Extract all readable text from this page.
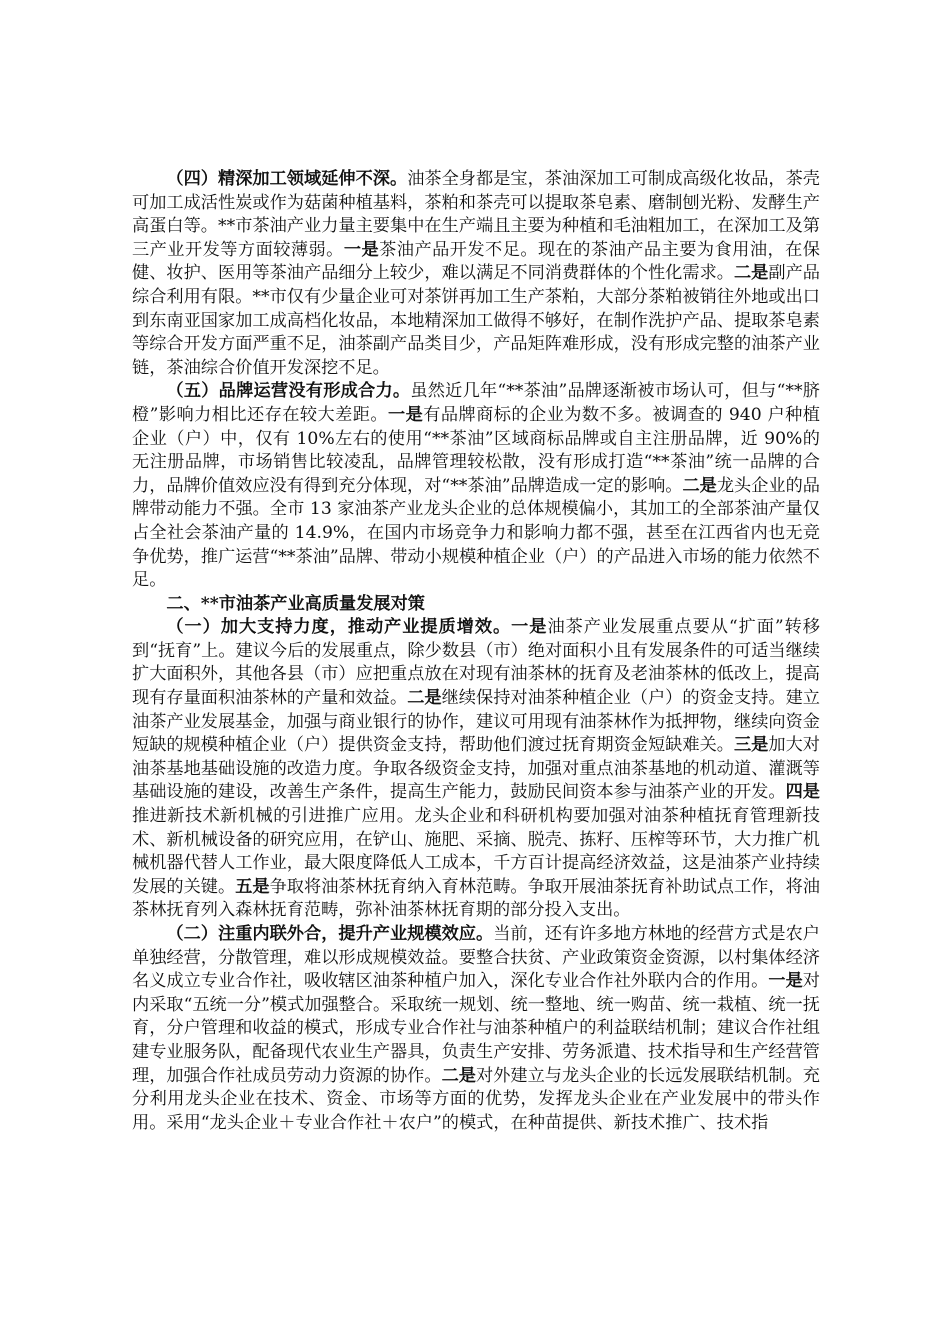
（四）精深加工领域延伸不深。油茶全身都是宝，茶油深加工可制成高级化妆品，茶壳可加工成活性炭或作为菇菌种植基料，茶粕和茶壳可以提取茶皂素、磨制刨光粉、发酵生产高蛋白等。**市茶油产业力量主要集中在生产端且主要为种植和毛油粗加工，在深加工及第三产业开发等方面较薄弱。一是茶油产品开发不足。现在的茶油产品主要为食用油，在保健、妆护、医用等茶油产品细分上较少，难以满足不同消费群体的个性化需求。二是副产品综合利用有限。**市仅有少量企业可对茶饼再加工生产茶粕，大部分茶粕被销往外地或出口到东南亚国家加工成高档化妆品，本地精深加工做得不够好，在制作洗护产品、提取茶皂素等综合开发方面严重不足，油茶副产品类目少，产品矩阵难形成，没有形成完整的油茶产业链，茶油综合价值开发深挖不足。

（五）品牌运营没有形成合力。虽然近几年“**茶油”品牌逐渐被市场认可，但与“**脐橙”影响力相比还存在较大差距。一是有品牌商标的企业为数不多。被调查的 940 户种植企业（户）中，仅有 10%左右的使用“**茶油”区域商标品牌或自主注册品牌，近 90%的无注册品牌，市场销售比较凌乱，品牌管理较松散，没有形成打造“**茶油”统一品牌的合力，品牌价值效应没有得到充分体现，对“**茶油”品牌造成一定的影响。二是龙头企业的品牌带动能力不强。全市 13 家油茶产业龙头企业的总体规模偏小，其加工的全部茶油产量仅占全社会茶油产量的 14.9%，在国内市场竞争力和影响力都不强，甚至在江西省内也无竞争优势，推广运营“**茶油”品牌、带动小规模种植企业（户）的产品进入市场的能力依然不足。

二、**市油茶产业高质量发展对策

（一）加大支持力度，推动产业提质增效。一是油茶产业发展重点要从“扩面”转移到“抚育”上。建议今后的发展重点，除少数县（市）绝对面积小且有发展条件的可适当继续扩大面积外，其他各县（市）应把重点放在对现有油茶林的抚育及老油茶林的低改上，提高现有存量面积油茶林的产量和效益。二是继续保持对油茶种植企业（户）的资金支持。建立油茶产业发展基金，加强与商业银行的协作，建议可用现有油茶林作为抵押物，继续向资金短缺的规模种植企业（户）提供资金支持，帮助他们渡过抚育期资金短缺难关。三是加大对油茶基地基础设施的改造力度。争取各级资金支持，加强对重点油茶基地的机动道、灌溉等基础设施的建设，改善生产条件，提高生产能力，鼓励民间资本参与油茶产业的开发。四是推进新技术新机械的引进推广应用。龙头企业和科研机构要加强对油茶种植抚育管理新技术、新机械设备的研究应用，在铲山、施肥、采摘、脱壳、拣籽、压榨等环节，大力推广机械机器代替人工作业，最大限度降低人工成本，千方百计提高经济效益，这是油茶产业持续发展的关键。五是争取将油茶林抚育纳入育林范畴。争取开展油茶抚育补助试点工作，将油茶林抚育列入森林抚育范畴，弥补油茶林抚育期的部分投入支出。

（二）注重内联外合，提升产业规模效应。当前，还有许多地方林地的经营方式是农户单独经营，分散管理，难以形成规模效益。要整合扶贫、产业政策资金资源，以村集体经济名义成立专业合作社，吸收辖区油茶种植户加入，深化专业合作社外联内合的作用。一是对内采取“五统一分”模式加强整合。采取统一规划、统一整地、统一购苗、统一栽植、统一抚育，分户管理和收益的模式，形成专业合作社与油茶种植户的利益联结机制；建议合作社组建专业服务队，配备现代农业生产器具，负责生产安排、劳务派遣、技术指导和生产经营管理，加强合作社成员劳动力资源的协作。二是对外建立与龙头企业的长远发展联结机制。充分利用龙头企业在技术、资金、市场等方面的优势，发挥龙头企业在产业发展中的带头作用。采用“龙头企业＋专业合作社＋农户”的模式，在种苗提供、新技术推广、技术指
